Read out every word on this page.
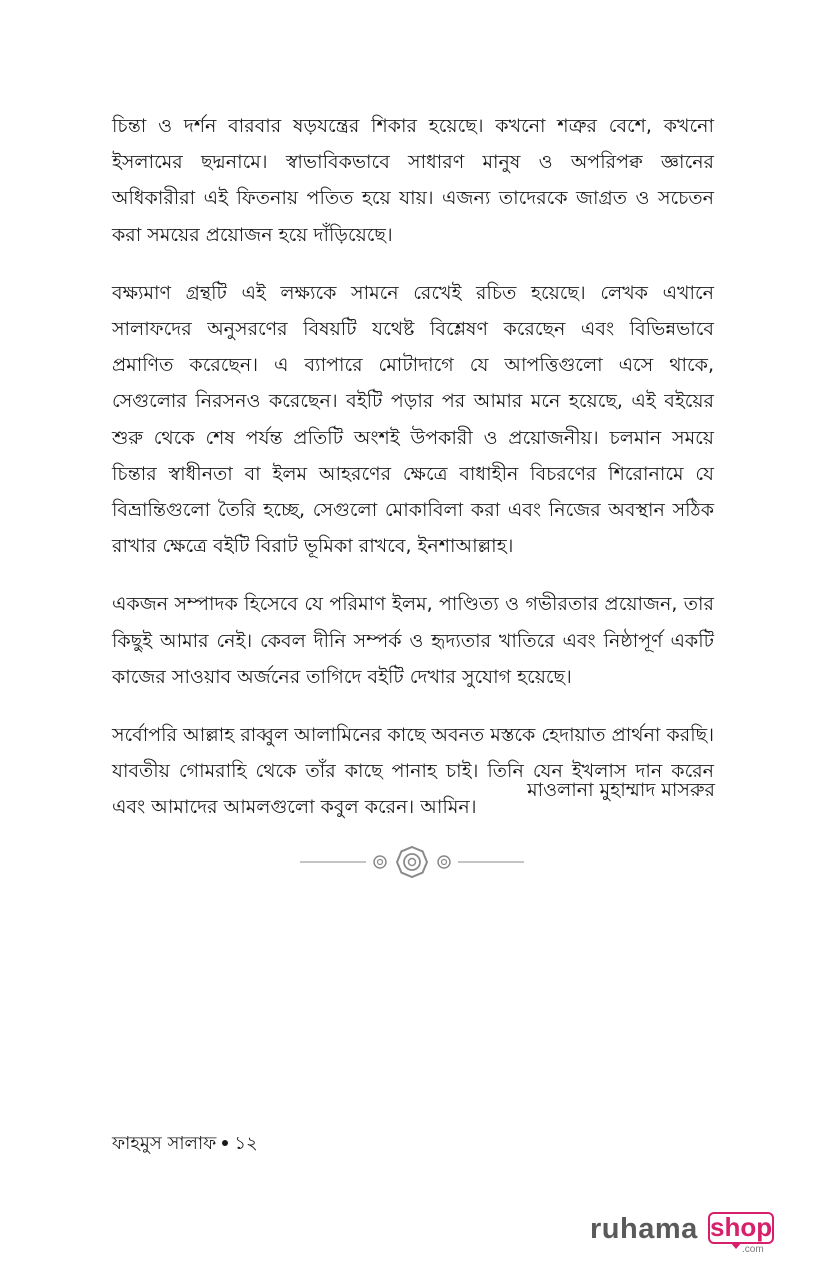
চিন্তা ও দর্শন বারবার ষড়যন্ত্রের শিকার হয়েছে। কখনো শত্রুর বেশে, কখনো ইসলামের ছদ্মনামে। স্বাভাবিকভাবে সাধারণ মানুষ ও অপরিপক্ব জ্ঞানের অধিকারীরা এই ফিতনায় পতিত হয়ে যায়। এজন্য তাদেরকে জাগ্রত ও সচেতন করা সময়ের প্রয়োজন হয়ে দাঁড়িয়েছে।

বক্ষ্যমাণ গ্রন্থটি এই লক্ষ্যকে সামনে রেখেই রচিত হয়েছে। লেখক এখানে সালাফদের অনুসরণের বিষয়টি যথেষ্ট বিশ্লেষণ করেছেন এবং বিভিন্নভাবে প্রমাণিত করেছেন। এ ব্যাপারে মোটাদাগে যে আপত্তিগুলো এসে থাকে, সেগুলোর নিরসনও করেছেন। বইটি পড়ার পর আমার মনে হয়েছে, এই বইয়ের শুরু থেকে শেষ পর্যন্ত প্রতিটি অংশই উপকারী ও প্রয়োজনীয়। চলমান সময়ে চিন্তার স্বাধীনতা বা ইলম আহরণের ক্ষেত্রে বাধাহীন বিচরণের শিরোনামে যে বিভ্রান্তিগুলো তৈরি হচ্ছে, সেগুলো মোকাবিলা করা এবং নিজের অবস্থান সঠিক রাখার ক্ষেত্রে বইটি বিরাট ভূমিকা রাখবে, ইনশাআল্লাহ।

একজন সম্পাদক হিসেবে যে পরিমাণ ইলম, পাণ্ডিত্য ও গভীরতার প্রয়োজন, তার কিছুই আমার নেই। কেবল দীনি সম্পর্ক ও হৃদ্যতার খাতিরে এবং নিষ্ঠাপূর্ণ একটি কাজের সাওয়াব অর্জনের তাগিদে বইটি দেখার সুযোগ হয়েছে।

সর্বোপরি আল্লাহ রাব্বুল আলামিনের কাছে অবনত মস্তকে হেদায়াত প্রার্থনা করছি। যাবতীয় গোমরাহি থেকে তাঁর কাছে পানাহ চাই। তিনি যেন ইখলাস দান করেন এবং আমাদের আমলগুলো কবুল করেন। আমিন।

মাওলানা মুহাম্মাদ মাসরুর
ফাহমুস সালাফ ১২
ruhama shop
.com
